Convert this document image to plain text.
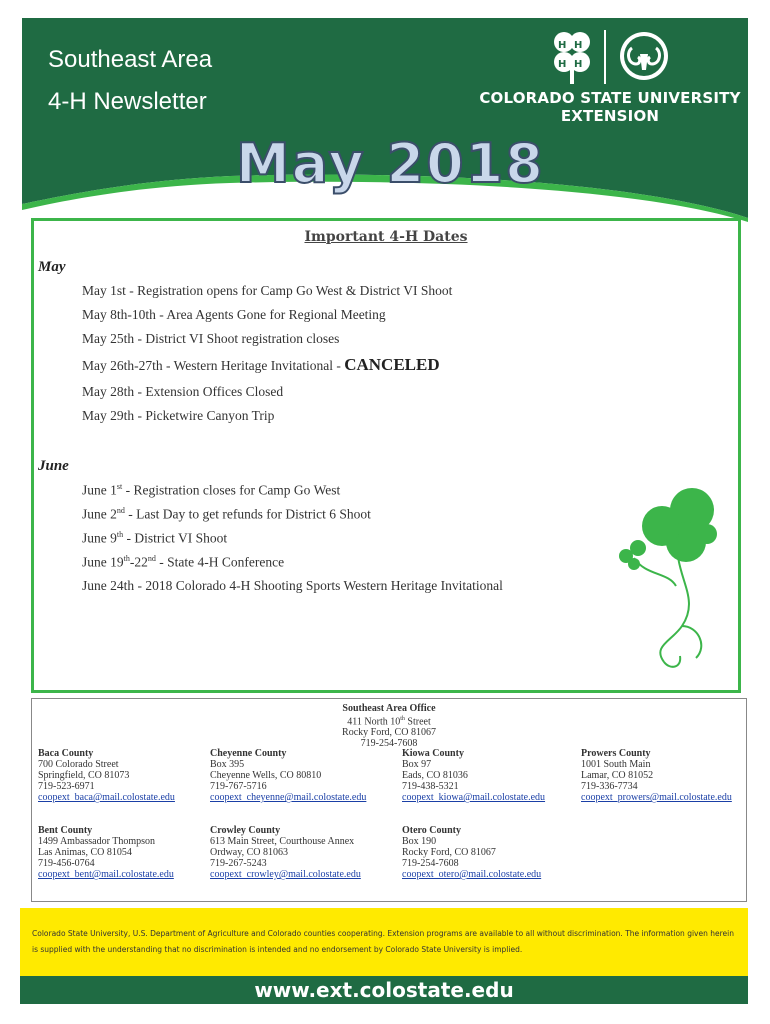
Southeast Area
4-H Newsletter
H H
H H
COLORADO STATE UNIVERSITY
EXTENSION
May 2018
Important 4-H Dates
May
May 1st - Registration opens for Camp Go West & District VI Shoot
May 8th-10th - Area Agents Gone for Regional Meeting
May 25th - District VI Shoot registration closes
May 26th-27th - Western Heritage Invitational - CANCELED
May 28th - Extension Offices Closed
May 29th - Picketwire Canyon Trip
June
June 1st - Registration closes for Camp Go West
June 2nd - Last Day to get refunds for District 6 Shoot
June 9th - District VI Shoot
June 19th-22nd - State 4-H Conference
June 24th - 2018 Colorado 4-H Shooting Sports Western Heritage Invitational
Southeast Area Office
411 North 10th Street
Rocky Ford, CO 81067
719-254-7608
Baca County
700 Colorado Street
Springfield, CO 81073
719-523-6971
coopext_baca@mail.colostate.edu
Cheyenne County
Box 395
Cheyenne Wells, CO 80810
719-767-5716
coopext_cheyenne@mail.colostate.edu
Kiowa County
Box 97
Eads, CO 81036
719-438-5321
coopext_kiowa@mail.colostate.edu
Prowers County
1001 South Main
Lamar, CO 81052
719-336-7734
coopext_prowers@mail.colostate.edu
Bent County
1499 Ambassador Thompson
Las Animas, CO 81054
719-456-0764
coopext_bent@mail.colostate.edu
Crowley County
613 Main Street, Courthouse Annex
Ordway, CO 81063
719-267-5243
coopext_crowley@mail.colostate.edu
Otero County
Box 190
Rocky Ford, CO 81067
719-254-7608
coopext_otero@mail.colostate.edu
Colorado State University, U.S. Department of Agriculture and Colorado counties cooperating. Extension programs are available to all without discrimination. The information given herein is supplied with the understanding that no discrimination is intended and no endorsement by Colorado State University is implied.
www.ext.colostate.edu
